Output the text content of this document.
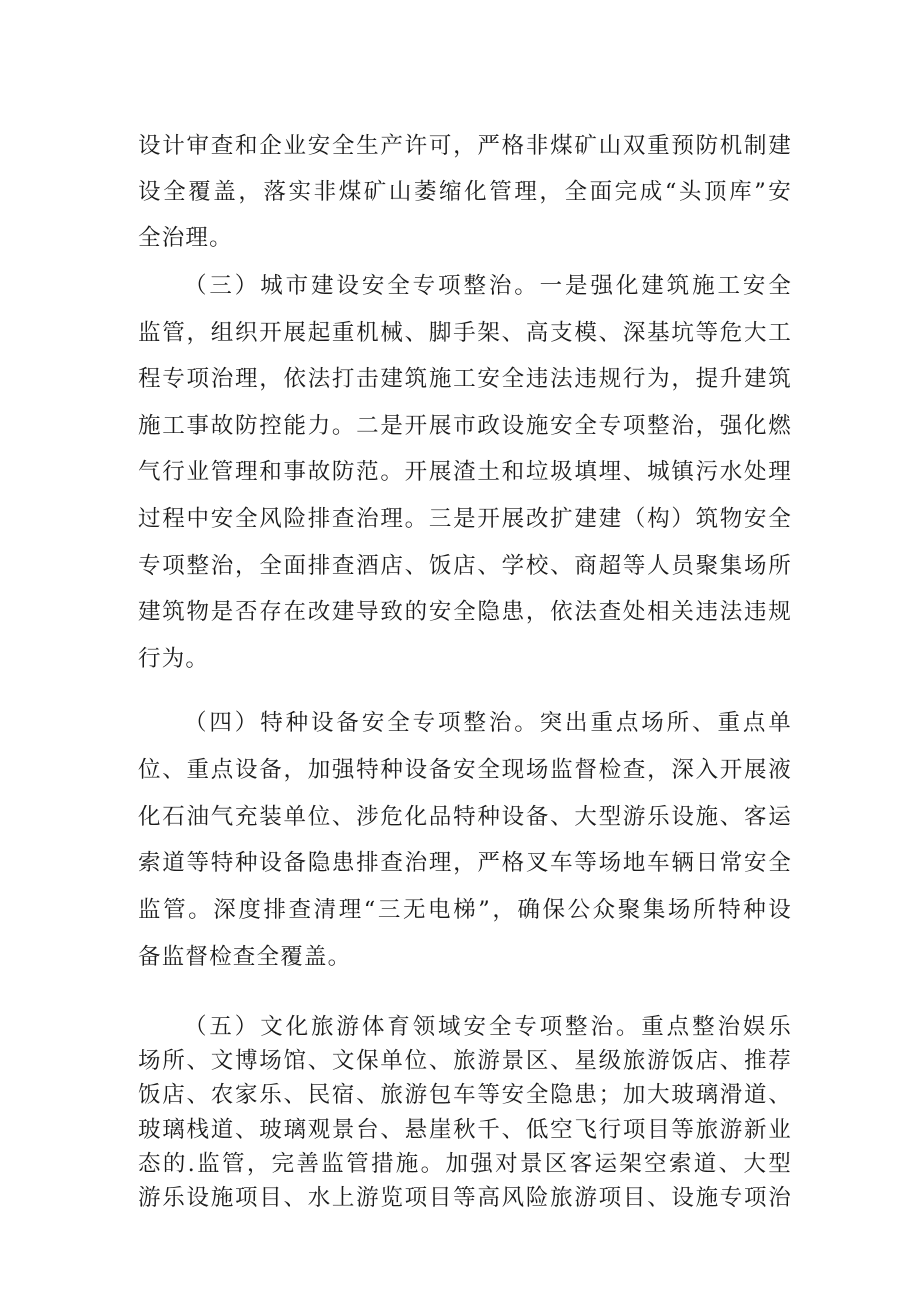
设计审查和企业安全生产许可，严格非煤矿山双重预防机制建
设全覆盖，落实非煤矿山萎缩化管理，全面完成“头顶库”安
全治理。
（三）城市建设安全专项整治。一是强化建筑施工安全
监管，组织开展起重机械、脚手架、高支模、深基坑等危大工
程专项治理，依法打击建筑施工安全违法违规行为，提升建筑
施工事故防控能力。二是开展市政设施安全专项整治，强化燃
气行业管理和事故防范。开展渣土和垃圾填埋、城镇污水处理
过程中安全风险排查治理。三是开展改扩建建（构）筑物安全
专项整治，全面排查酒店、饭店、学校、商超等人员聚集场所
建筑物是否存在改建导致的安全隐患，依法查处相关违法违规
行为。
（四）特种设备安全专项整治。突出重点场所、重点单
位、重点设备，加强特种设备安全现场监督检查，深入开展液
化石油气充装单位、涉危化品特种设备、大型游乐设施、客运
索道等特种设备隐患排查治理，严格叉车等场地车辆日常安全
监管。深度排查清理“三无电梯”，确保公众聚集场所特种设
备监督检查全覆盖。
（五）文化旅游体育领域安全专项整治。重点整治娱乐
场所、文博场馆、文保单位、旅游景区、星级旅游饭店、推荐
饭店、农家乐、民宿、旅游包车等安全隐患；加大玻璃滑道、
玻璃栈道、玻璃观景台、悬崖秋千、低空飞行项目等旅游新业
态的.监管，完善监管措施。加强对景区客运架空索道、大型
游乐设施项目、水上游览项目等高风险旅游项目、设施专项治
